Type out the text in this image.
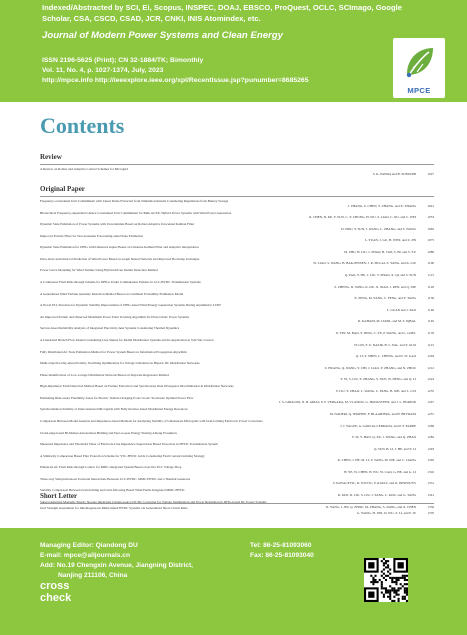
Indexed/Abstracted by SCI, Ei, Scopus, INSPEC, DOAJ, EBSCO, ProQuest, OCLC, SCImago, Google Scholar, CSA, CSCD, CSAD, JCR, CNKI, INIS Atomindex, etc.
Journal of Modern Power Systems and Clean Energy
ISSN 2196-5625 (Print); CN 32-1884/TK; Bimonthly
Vol. 11, No. 4, p. 1027-1374, July, 2023
http://mpce.info http://ieeexplore.ieee.org/xpl/RecentIssue.jsp?punumber=8685265
MPCE
Contents
Review
A Review on Robust and Adaptive Control Schemes for Microgrid
S. K. PANDA and B. SUBUDHI	1027
Original Paper
Frequency-constrained Unit Commitment with Linear Rules Extracted from Simulation Results Considering Regulations from Battery Storage
J. ZHANG, Z. CHEN, Y. ZHANG, and X. ZHANG	1041
Hierarchical Frequency-dependent Chance Constrained Unit Commitment for Bulk AC/DC Hybrid Power Systems with Wind Power Generation
R. CHEN, D. KE, Y. SUN, C. Y. CHUNG, H. WU, S. LIAO, L. XU, and C. WEI	1053
Dynamic State Estimation of Power Systems with Uncertainties Based on Robust Adaptive Unscented Kalman Filter
D. HOU, Y. SUN, J. WANG, L. ZHANG, and S. WANG	1065
Improved Particle Filter for Non-Gaussian Forecasting-aided State Estimation
L. YUAN, J. GU, H. WEN, and Z. JIN	1075
Dynamic State Estimation for DFIG with Unknown Inputs Based on Cubature Kalman Filter and Adaptive Interpolation
M. ZHU, H. LIU, J. ZHAO, B. TAN, T. BI, and S. YU	1086
Ultra-short-term Interval Prediction of Wind Power Based on Graph Neural Network and Improved Bootstrap Technique
W. LIAO, S. WANG, B. BAK-JENSEN, J. R. PILLAI, Z. YANG, and K. LIU	1100
Power Curve Modeling for Wind Turbine Using Hybrid-driven Outlier Detection Method
Q. YAO, Y. HU, J. LIU, T. ZHAO, X. QI, and S. SUN	1115
A Continuous Fault Ride-through Scheme for DFIGs Under Commutation Failures in LCC-HVDC Transmission Systems
Z. ZHENG, D. SONG, K. DU, X. XIAO, J. REN, and Q. XIE	1126
A Generalized Wind Turbine Anomaly Detection Method Based on Combined Probability Estimation Model
X. ZENG, M. YANG, C. FENG, and Y. TANG	1136
A Novel PLL Structure for Dynamic Stability Improvement of DFIG-based Wind Energy Generation Systems During Asymmetric LVRT
L. GUAN and J. YAO	1146
An Improved Perturb and Observed Maximum Power Point Tracking Algorithm for Photovoltaic Power Systems
R. KAHANI, M. JAMIL, and M. T. IQBAL	1165
Service-based Reliability Analysis of Integrated Electricity-heat Systems Considering Thermal Dynamics
X. YIN, M. BAO, Y. DING, C. YE, P. WANG, and L. GOEL	1176
A Linearized Branch Flow Model Considering Line Shunts for Radial Distribution Systems and Its Application in Volt/VAr Control
H. LIN, F. U. NAZIR, B. C. PAL, and Y. GUO	1191
Fully Distributed AC State Estimation Method for Power System Based on Information Propagation Algorithm
Q. LI, Y. SHEN, L. CHENG, and D. W. GAO	1204
Multi-objective Day-ahead Polarity Switching Optimization for Voltage Unbalance in Bipolar DC Distribution Networks
Z. HUANG, Q. WANG, Y. CHI, J. LIAO, Y. ZHANG, and N. ZHOU	1212
Phase Identification of Low-voltage Distribution Network Based on Stepwise Regression Method
Y. YI, S. LIU, Y. ZHANG, Y. XUE, W. DENG, and Q. LI	1224
High-impedance Fault Detection Method Based on Feature Extraction and Synchronous Data Divergence Discrimination in Distribution Networks
Y. LIU, Y. ZHAO, L. WANG, C. FANG, B. XIE, and L. CUI	1235
Estimating Risk-aware Flexibility Areas for Electric Vehicle Charging Pools via AC Stochastic Optimal Power Flow
J. S. GIRALDO, N. B. ARIAS, P. P. VERGARA, M. VLASIOU, G. HOOGSTEEN, and J. L. HURINK	1247
Synchronization Stability of Interconnected Microgrids with Fully Inverter-based Distributed Energy Resources
M. NADERI, Q. SHAFIEE, F. BLAABJERG, and H. BEVRANI	1257
Comparison Between Modal Analysis and Impedance-based Methods for Analyzing Stability of Unbalanced Microgrids with Grid-forming Electronic Power Converters
J. J. YAGUE, A. GARCIA-CERRADA, and P. P. FARRE	1269
Cloud-edge-based Bi-Market Autonomous Bidding and Peer-to-peer Energy Sharing Among Prosumers
F. SI, Y. HAN, Q. XU, J. WANG, and Q. ZHAO	1282
Measured Impedance and Threshold Value of Electrode Line Impedance Supervision Based Protection in HVDC Transmission System
Q. SUN, B. LI, J. HE, and Y. LI	1293
A Similarity Comparison Based Pilot Protection Scheme for VSC-HVDC Grids Considering Fault Current Limiting Strategy
K. CHEN, J. HE, M. LI, Y. TANG, M. NIE, and C. LIANG	1305
Enhanced AC Fault Ride-through Control for MMC-integrated System Based on Active PCC Voltage Drop
H. YE, W. CHEN, H. WU, W. CAO, G. HE, and G. LI	1316
Three-way Subsynchronous Torsional Interactions Between LCC-HVDC, MMC-HVDC and a Thermal Generator
S. KOVACEVIC, D. JOVCIC, P. RAULT, and O. DESPOUYS	1331
Stability Comparison Between Grid-forming and Grid-following Based Wind Farms Integrated MMC-HVDC
R. PAN, D. LIU, S. LIU, J. YANG, L. KOU, and G. TANG	1341
Superconducting Magnetic Energy Storage Integrated Current-source DC/DC Converter for Voltage Stabilization and Power Regulation in DFIG-based DC Power Systems
R. YANG, J. JIN, Q. ZHOU, M. ZHANG, S. JIANG, and X. CHEN	1356
Short Letter
Grid Strength Assessment for Inhomogeneous Multi-infeed HVDC Systems via Generalized Short Circuit Ratio
G. WANG, H. XIN, D. WU, Z. LI, and P. JU	1370
Managing Editor: Qiandong DU
E-mail: mpce@alljournals.cn
Add: No.19 Chengxin Avenue, Jiangning District,
Nanjing 211106, China
Tel: 86-25-81093060
Fax: 86-25-81093040
cross
check
